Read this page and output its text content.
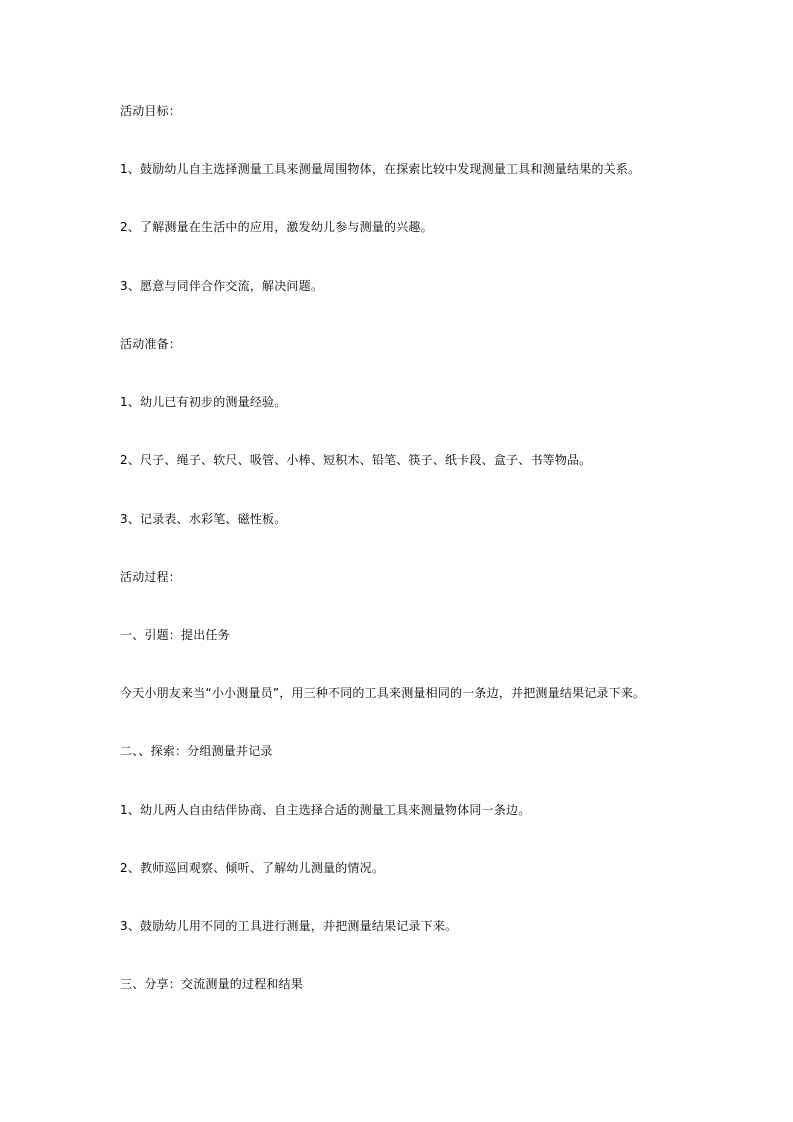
活动目标：
1、鼓励幼儿自主选择测量工具来测量周围物体，在探索比较中发现测量工具和测量结果的关系。
2、了解测量在生活中的应用，激发幼儿参与测量的兴趣。
3、愿意与同伴合作交流，解决问题。
活动准备：
1、幼儿已有初步的测量经验。
2、尺子、绳子、软尺、吸管、小棒、短积木、铅笔、筷子、纸卡段、盒子、书等物品。
3、记录表、水彩笔、磁性板。
活动过程：
一、引题：提出任务
今天小朋友来当“小小测量员”，用三种不同的工具来测量相同的一条边，并把测量结果记录下来。
二、、探索：分组测量并记录
1、幼儿两人自由结伴协商、自主选择合适的测量工具来测量物体同一条边。
2、教师巡回观察、倾听、了解幼儿测量的情况。
3、鼓励幼儿用不同的工具进行测量，并把测量结果记录下来。
三、分享：交流测量的过程和结果
